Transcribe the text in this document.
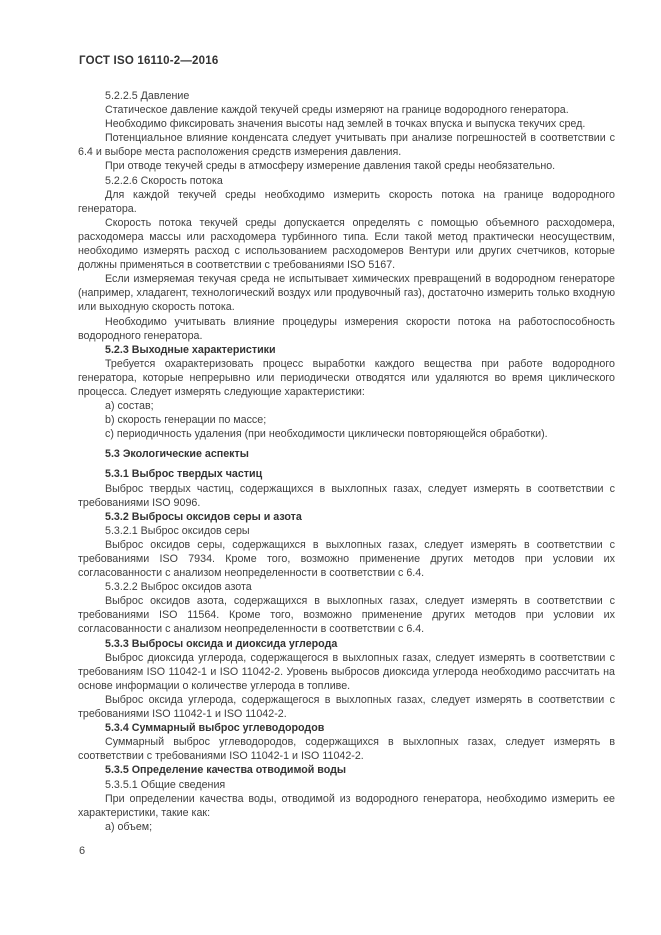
ГОСТ ISO 16110-2—2016

5.2.2.5 Давление

Статическое давление каждой текучей среды измеряют на границе водородного генератора.

Необходимо фиксировать значения высоты над землей в точках впуска и выпуска текучих сред.

Потенциальное влияние конденсата следует учитывать при анализе погрешностей в соответствии с 6.4 и выборе места расположения средств измерения давления.

При отводе текучей среды в атмосферу измерение давления такой среды необязательно.

5.2.2.6 Скорость потока

Для каждой текучей среды необходимо измерить скорость потока на границе водородного генератора.

Скорость потока текучей среды допускается определять с помощью объемного расходомера, расходомера массы или расходомера турбинного типа. Если такой метод практически неосуществим, необходимо измерять расход с использованием расходомеров Вентури или других счетчиков, которые должны применяться в соответствии с требованиями ISO 5167.

Если измеряемая текучая среда не испытывает химических превращений в водородном генераторе (например, хладагент, технологический воздух или продувочный газ), достаточно измерить только входную или выходную скорость потока.

Необходимо учитывать влияние процедуры измерения скорости потока на работоспособность водородного генератора.

5.2.3 Выходные характеристики

Требуется охарактеризовать процесс выработки каждого вещества при работе водородного генератора, которые непрерывно или периодически отводятся или удаляются во время циклического процесса. Следует измерять следующие характеристики:

a) состав;

b) скорость генерации по массе;

c) периодичность удаления (при необходимости циклически повторяющейся обработки).

5.3 Экологические аспекты

5.3.1 Выброс твердых частиц

Выброс твердых частиц, содержащихся в выхлопных газах, следует измерять в соответствии с требованиями ISO 9096.

5.3.2 Выбросы оксидов серы и азота

5.3.2.1 Выброс оксидов серы

Выброс оксидов серы, содержащихся в выхлопных газах, следует измерять в соответствии с требованиями ISO 7934. Кроме того, возможно применение других методов при условии их согласованности с анализом неопределенности в соответствии с 6.4.

5.3.2.2 Выброс оксидов азота

Выброс оксидов азота, содержащихся в выхлопных газах, следует измерять в соответствии с требованиями ISO 11564. Кроме того, возможно применение других методов при условии их согласованности с анализом неопределенности в соответствии с 6.4.

5.3.3 Выбросы оксида и диоксида углерода

Выброс диоксида углерода, содержащегося в выхлопных газах, следует измерять в соответствии с требованиям ISO 11042-1 и ISO 11042-2. Уровень выбросов диоксида углерода необходимо рассчитать на основе информации о количестве углерода в топливе.

Выброс оксида углерода, содержащегося в выхлопных газах, следует измерять в соответствии с требованиями ISO 11042-1 и ISO 11042-2.

5.3.4 Суммарный выброс углеводородов

Суммарный выброс углеводородов, содержащихся в выхлопных газах, следует измерять в соответствии с требованиями ISO 11042-1 и ISO 11042-2.

5.3.5 Определение качества отводимой воды

5.3.5.1 Общие сведения

При определении качества воды, отводимой из водородного генератора, необходимо измерить ее характеристики, такие как:

a) объем;

6
